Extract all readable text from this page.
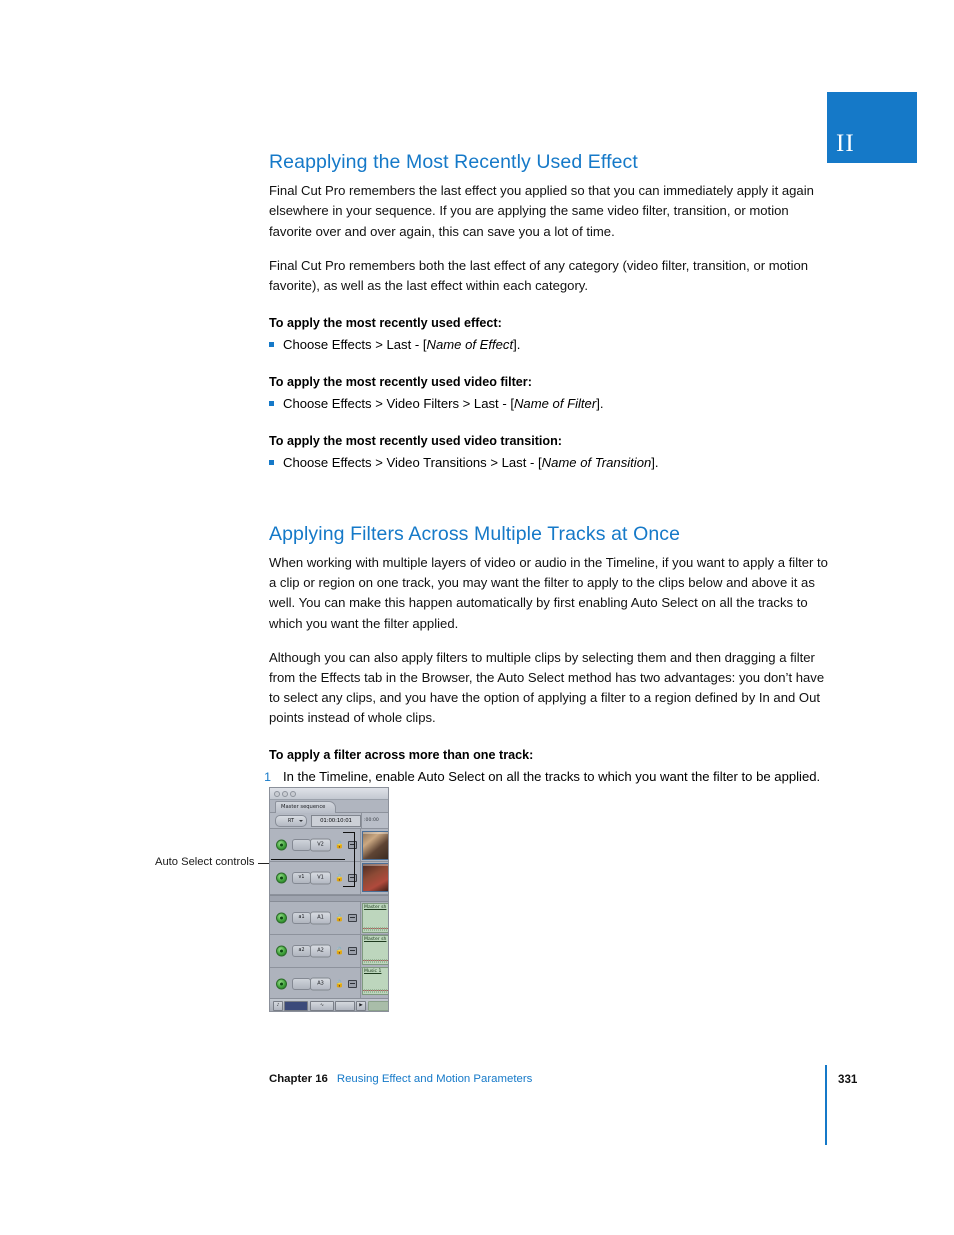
II
Reapplying the Most Recently Used Effect

Final Cut Pro remembers the last effect you applied so that you can immediately apply it again elsewhere in your sequence. If you are applying the same video filter, transition, or motion favorite over and over again, this can save you a lot of time.

Final Cut Pro remembers both the last effect of any category (video filter, transition, or motion favorite), as well as the last effect within each category.

To apply the most recently used effect:
Choose Effects > Last - [Name of Effect].
To apply the most recently used video filter:
Choose Effects > Video Filters > Last - [Name of Filter].
To apply the most recently used video transition:
Choose Effects > Video Transitions > Last - [Name of Transition].
Applying Filters Across Multiple Tracks at Once

When working with multiple layers of video or audio in the Timeline, if you want to apply a filter to a clip or region on one track, you may want the filter to apply to the clips below and above it as well. You can make this happen automatically by first enabling Auto Select on all the tracks to which you want the filter applied.

Although you can also apply filters to multiple clips by selecting them and then dragging a filter from the Effects tab in the Browser, the Auto Select method has two advantages: you don’t have to select any clips, and you have the option of applying a filter to a region defined by In and Out points instead of whole clips.

To apply a filter across more than one track:
1 In the Timeline, enable Auto Select on all the tracks to which you want the filter to be applied.
Auto Select controls
Master sequence
RT	01:00:10:01	:00:00
V2	🔓
v1	V1	🔓
a1	A1	🔓
a2	A2	🔓
A3	🔓
Master sh
Master sh
Music 1
♪	∿	▶
Chapter 16 Reusing Effect and Motion Parameters	331
